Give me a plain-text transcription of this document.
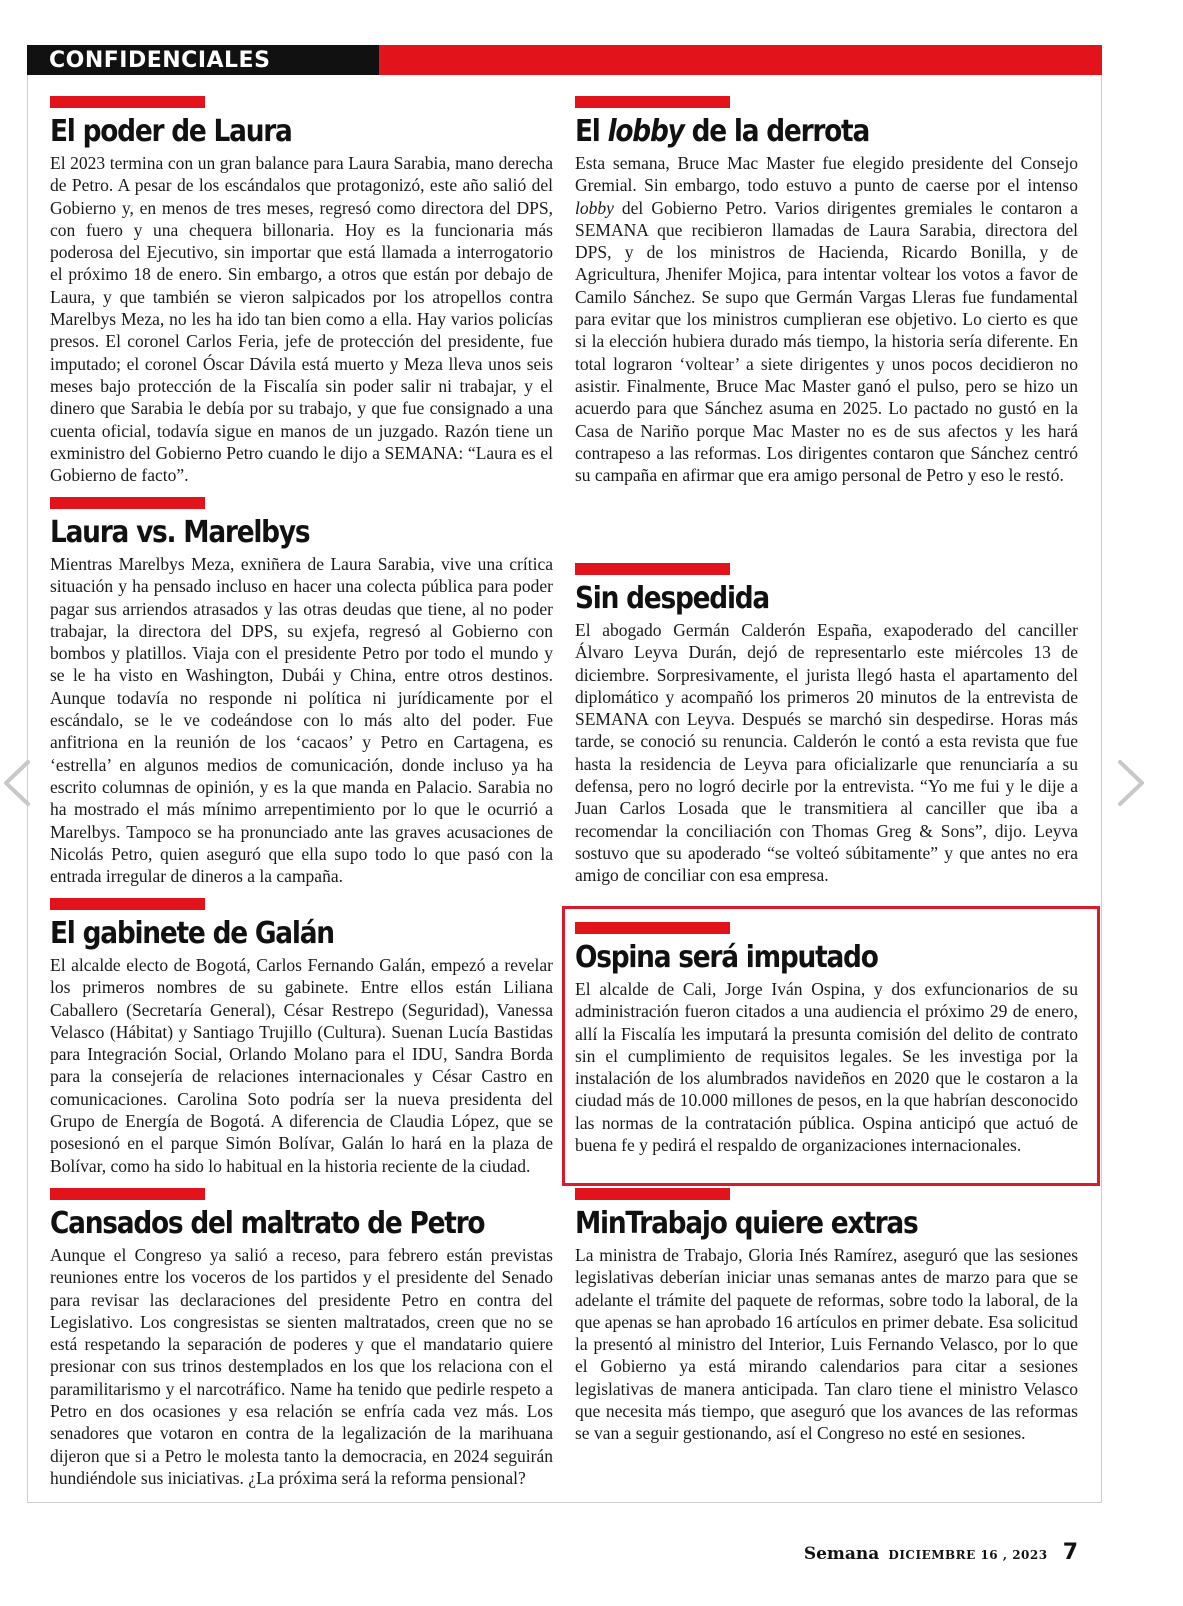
CONFIDENCIALES
El poder de Laura

El 2023 termina con un gran balance para Laura Sarabia, mano derecha de Petro. A pesar de los escándalos que protagonizó, este año salió del Gobierno y, en menos de tres meses, regresó como directora del DPS, con fuero y una chequera billonaria. Hoy es la funcionaria más poderosa del Ejecutivo, sin importar que está llamada a interrogatorio el próximo 18 de enero. Sin embargo, a otros que están por debajo de Laura, y que también se vieron salpicados por los atropellos contra Marelbys Meza, no les ha ido tan bien como a ella. Hay varios policías presos. El coronel Carlos Feria, jefe de protección del presidente, fue imputado; el coronel Óscar Dávila está muerto y Meza lleva unos seis meses bajo protección de la Fiscalía sin poder salir ni trabajar, y el dinero que Sarabia le debía por su trabajo, y que fue consignado a una cuenta oficial, todavía sigue en manos de un juzgado. Razón tiene un exministro del Gobierno Petro cuando le dijo a SEMANA: “Laura es el Gobierno de facto”.

Laura vs. Marelbys

Mientras Marelbys Meza, exniñera de Laura Sarabia, vive una crítica situación y ha pensado incluso en hacer una colecta pública para poder pagar sus arriendos atrasados y las otras deudas que tiene, al no poder trabajar, la directora del DPS, su exjefa, regresó al Gobierno con bombos y platillos. Viaja con el presidente Petro por todo el mundo y se le ha visto en Washington, Dubái y China, entre otros destinos. Aunque todavía no responde ni política ni jurídicamente por el escándalo, se le ve codeándose con lo más alto del poder. Fue anfitriona en la reunión de los ‘cacaos’ y Petro en Cartagena, es ‘estrella’ en algunos medios de comunicación, donde incluso ya ha escrito columnas de opinión, y es la que manda en Palacio. Sarabia no ha mostrado el más mínimo arrepentimiento por lo que le ocurrió a Marelbys. Tampoco se ha pronunciado ante las graves acusaciones de Nicolás Petro, quien aseguró que ella supo todo lo que pasó con la entrada irregular de dineros a la campaña.

El gabinete de Galán

El alcalde electo de Bogotá, Carlos Fernando Galán, empezó a revelar los primeros nombres de su gabinete. Entre ellos están Liliana Caballero (Secretaría General), César Restrepo (Seguridad), Vanessa Velasco (Hábitat) y Santiago Trujillo (Cultura). Suenan Lucía Bastidas para Integración Social, Orlando Molano para el IDU, Sandra Borda para la consejería de relaciones internacionales y César Castro en comunicaciones. Carolina Soto podría ser la nueva presidenta del Grupo de Energía de Bogotá. A diferencia de Claudia López, que se posesionó en el parque Simón Bolívar, Galán lo hará en la plaza de Bolívar, como ha sido lo habitual en la historia reciente de la ciudad.

Cansados del maltrato de Petro

Aunque el Congreso ya salió a receso, para febrero están previstas reuniones entre los voceros de los partidos y el presidente del Senado para revisar las declaraciones del presidente Petro en contra del Legislativo. Los congresistas se sienten maltratados, creen que no se está respetando la separación de poderes y que el mandatario quiere presionar con sus trinos destemplados en los que los relaciona con el paramilitarismo y el narcotráfico. Name ha tenido que pedirle respeto a Petro en dos ocasiones y esa relación se enfría cada vez más. Los senadores que votaron en contra de la legalización de la marihuana dijeron que si a Petro le molesta tanto la democracia, en 2024 seguirán hundiéndole sus iniciativas. ¿La próxima será la reforma pensional?

El lobby de la derrota

Esta semana, Bruce Mac Master fue elegido presidente del Consejo Gremial. Sin embargo, todo estuvo a punto de caerse por el intenso lobby del Gobierno Petro. Varios dirigentes gremiales le contaron a SEMANA que recibieron llamadas de Laura Sarabia, directora del DPS, y de los ministros de Hacienda, Ricardo Bonilla, y de Agricultura, Jhenifer Mojica, para intentar voltear los votos a favor de Camilo Sánchez. Se supo que Germán Vargas Lleras fue fundamental para evitar que los ministros cumplieran ese objetivo. Lo cierto es que si la elección hubiera durado más tiempo, la historia sería diferente. En total lograron ‘voltear’ a siete dirigentes y unos pocos decidieron no asistir. Finalmente, Bruce Mac Master ganó el pulso, pero se hizo un acuerdo para que Sánchez asuma en 2025. Lo pactado no gustó en la Casa de Nariño porque Mac Master no es de sus afectos y les hará contrapeso a las reformas. Los dirigentes contaron que Sánchez centró su campaña en afirmar que era amigo personal de Petro y eso le restó.

Sin despedida

El abogado Germán Calderón España, exapoderado del canciller Álvaro Leyva Durán, dejó de representarlo este miércoles 13 de diciembre. Sorpresivamente, el jurista llegó hasta el apartamento del diplomático y acompañó los primeros 20 minutos de la entrevista de SEMANA con Leyva. Después se marchó sin despedirse. Horas más tarde, se conoció su renuncia. Calderón le contó a esta revista que fue hasta la residencia de Leyva para oficializarle que renunciaría a su defensa, pero no logró decirle por la entrevista. “Yo me fui y le dije a Juan Carlos Losada que le transmitiera al canciller que iba a recomendar la conciliación con Thomas Greg & Sons”, dijo. Leyva sostuvo que su apoderado “se volteó súbitamente” y que antes no era amigo de conciliar con esa empresa.

Ospina será imputado

El alcalde de Cali, Jorge Iván Ospina, y dos exfuncionarios de su administración fueron citados a una audiencia el próximo 29 de enero, allí la Fiscalía les imputará la presunta comisión del delito de contrato sin el cumplimiento de requisitos legales. Se les investiga por la instalación de los alumbrados navideños en 2020 que le costaron a la ciudad más de 10.000 millones de pesos, en la que habrían desconocido las normas de la contratación pública. Ospina anticipó que actuó de buena fe y pedirá el respaldo de organizaciones internacionales.

MinTrabajo quiere extras

La ministra de Trabajo, Gloria Inés Ramírez, aseguró que las sesiones legislativas deberían iniciar unas semanas antes de marzo para que se adelante el trámite del paquete de reformas, sobre todo la laboral, de la que apenas se han aprobado 16 artículos en primer debate. Esa solicitud la presentó al ministro del Interior, Luis Fernando Velasco, por lo que el Gobierno ya está mirando calendarios para citar a sesiones legislativas de manera anticipada. Tan claro tiene el ministro Velasco que necesita más tiempo, que aseguró que los avances de las reformas se van a seguir gestionando, así el Congreso no esté en sesiones.

Semana DICIEMBRE 16 , 2023 7
